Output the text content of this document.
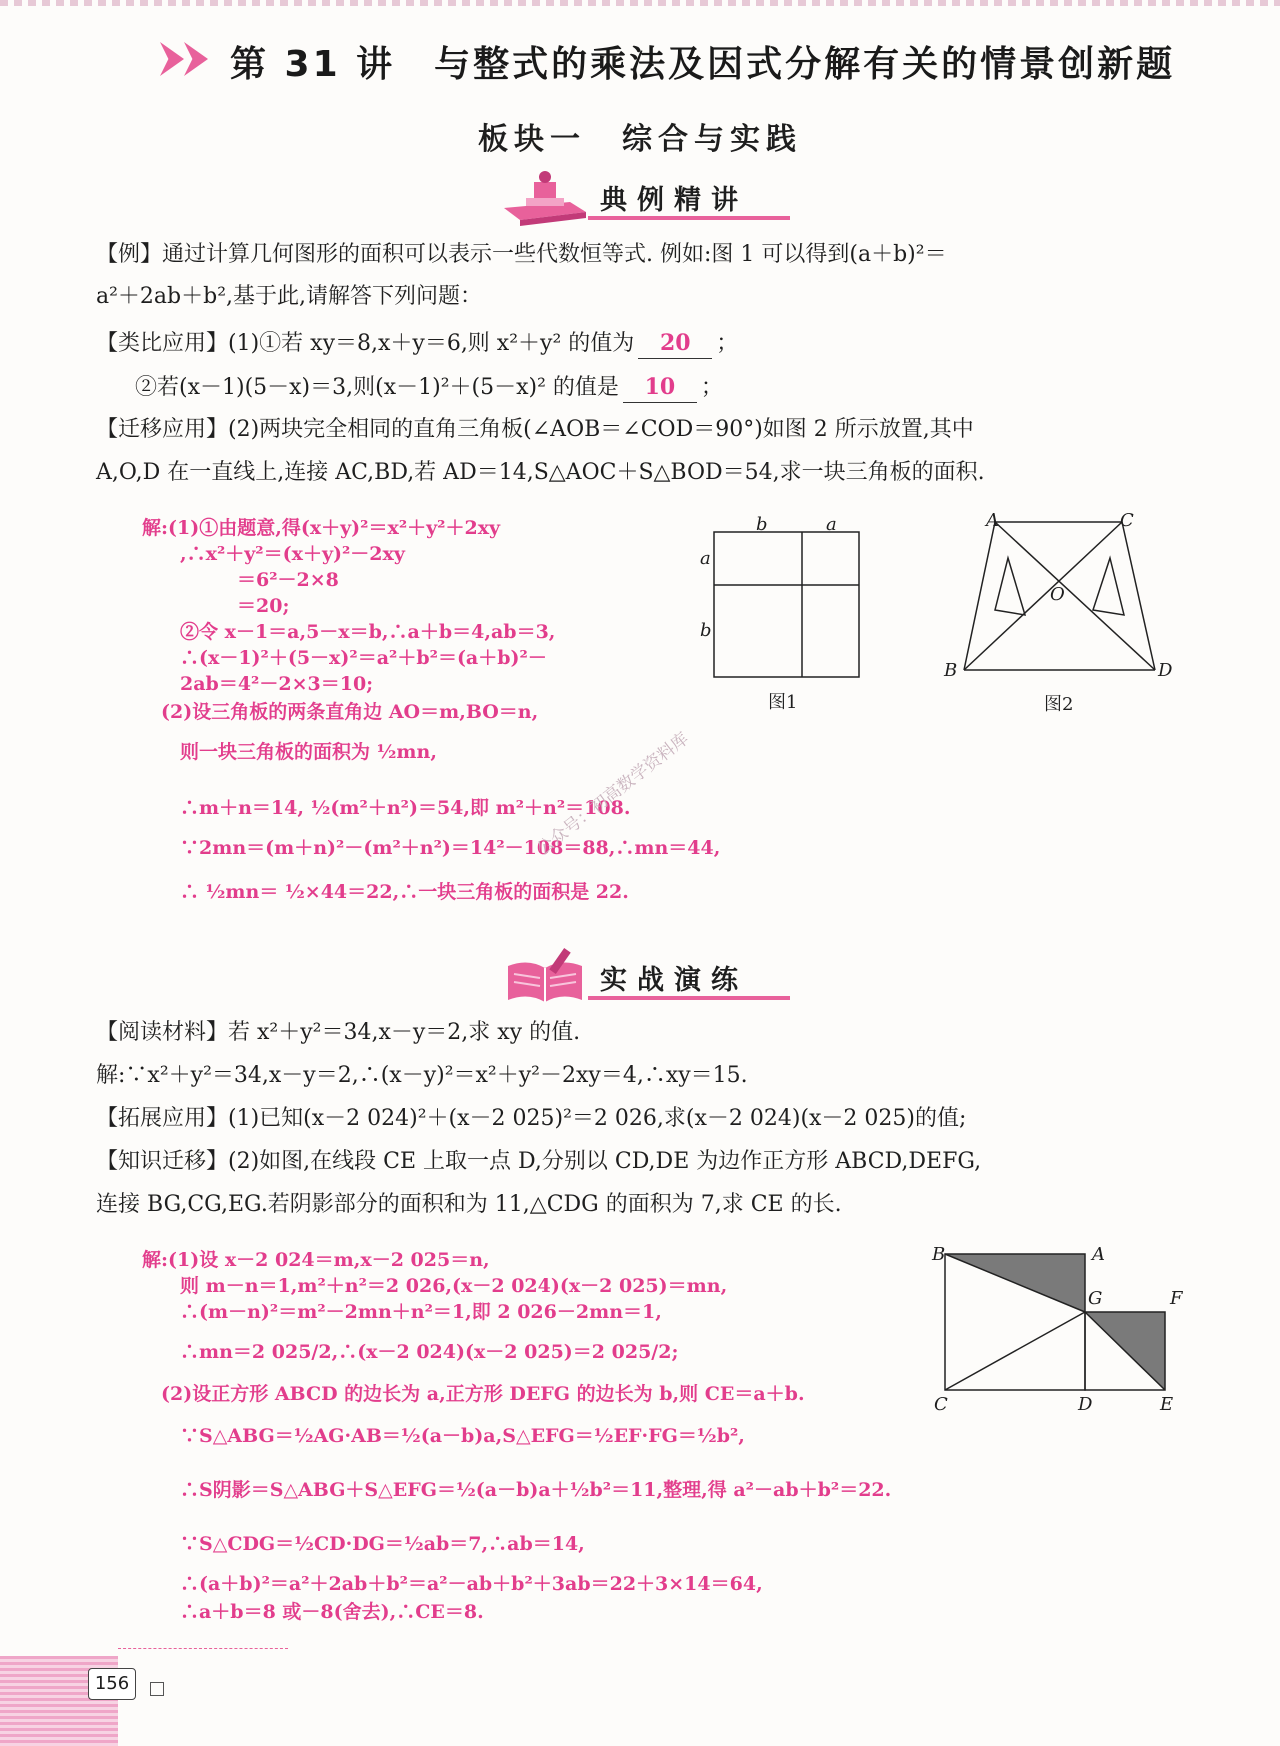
第 31 讲　与整式的乘法及因式分解有关的情景创新题
板块一　综合与实践
典例精讲
【例】通过计算几何图形的面积可以表示一些代数恒等式. 例如:图 1 可以得到(a＋b)²＝
a²＋2ab＋b²,基于此,请解答下列问题：
【类比应用】(1)①若 xy＝8,x＋y＝6,则 x²＋y² 的值为 20 ；
②若(x－1)(5－x)＝3,则(x－1)²＋(5－x)² 的值是 10 ；
【迁移应用】(2)两块完全相同的直角三角板(∠AOB＝∠COD＝90°)如图 2 所示放置,其中
A,O,D 在一直线上,连接 AC,BD,若 AD＝14,S△AOC＋S△BOD＝54,求一块三角板的面积.
解:(1)①由题意,得(x＋y)²＝x²＋y²＋2xy
　　,∴x²＋y²＝(x＋y)²－2xy
　　　　　＝6²－2×8
　　　　　＝20;
　　②令 x－1＝a,5－x＝b,∴a＋b＝4,ab＝3,
　　∴(x－1)²＋(5－x)²＝a²＋b²＝(a＋b)²－
　　2ab＝4²－2×3＝10;
　(2)设三角板的两条直角边 AO＝m,BO＝n,
　　则一块三角板的面积为 ½mn,
　　∴m＋n＝14, ½(m²＋n²)＝54,即 m²＋n²＝108.
　　∵2mn＝(m＋n)²－(m²＋n²)＝14²－108＝88,∴mn＝44,
　　∴ ½mn＝ ½×44＝22,∴一块三角板的面积是 22.
b	a
a
b
图1
A	C
O
B	D
图2
公众号：初高数学资料库
实战演练
【阅读材料】若 x²＋y²＝34,x－y＝2,求 xy 的值.
解:∵x²＋y²＝34,x－y＝2,∴(x－y)²＝x²＋y²－2xy＝4,∴xy＝15.
【拓展应用】(1)已知(x－2 024)²＋(x－2 025)²＝2 026,求(x－2 024)(x－2 025)的值;
【知识迁移】(2)如图,在线段 CE 上取一点 D,分别以 CD,DE 为边作正方形 ABCD,DEFG,
连接 BG,CG,EG.若阴影部分的面积和为 11,△CDG 的面积为 7,求 CE 的长.
解:(1)设 x－2 024＝m,x－2 025＝n,
　　则 m－n＝1,m²＋n²＝2 026,(x－2 024)(x－2 025)＝mn,
　　∴(m－n)²＝m²－2mn＋n²＝1,即 2 026－2mn＝1,
　　∴mn＝2 025/2,∴(x－2 024)(x－2 025)＝2 025/2;
　(2)设正方形 ABCD 的边长为 a,正方形 DEFG 的边长为 b,则 CE＝a＋b.
　　∵S△ABG＝½AG·AB＝½(a－b)a,S△EFG＝½EF·FG＝½b²,
　　∴S阴影＝S△ABG＋S△EFG＝½(a－b)a＋½b²＝11,整理,得 a²－ab＋b²＝22.
　　∵S△CDG＝½CD·DG＝½ab＝7,∴ab＝14,
　　∴(a＋b)²＝a²＋2ab＋b²＝a²－ab＋b²＋3ab＝22＋3×14＝64,
　　∴a＋b＝8 或－8(舍去),∴CE＝8.
B	A
G	F
C	D	E
156
